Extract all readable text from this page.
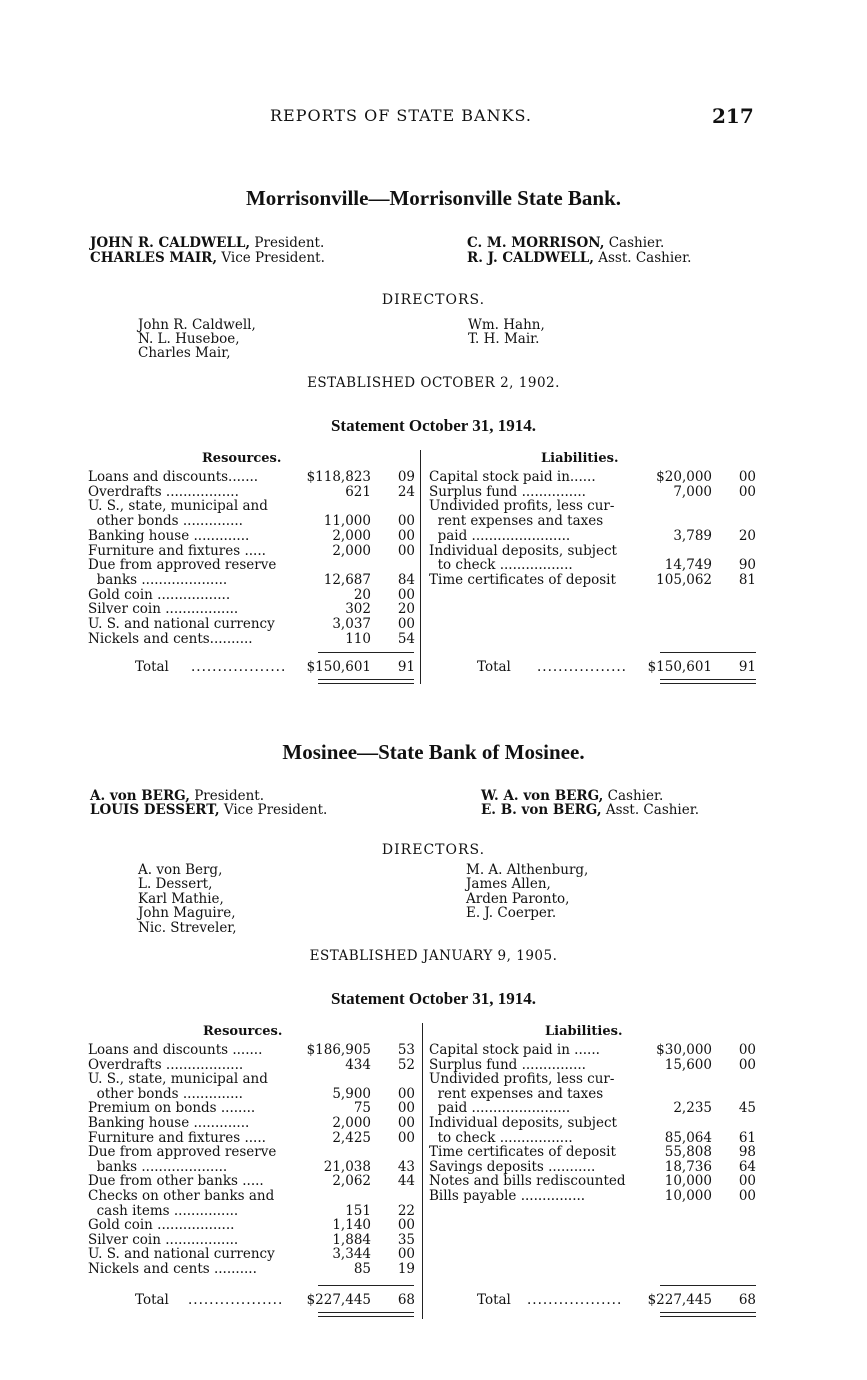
REPORTS OF STATE BANKS.	217
Morrisonville—Morrisonville State Bank.
JOHN R. CALDWELL, President.
CHARLES MAIR, Vice President.
C. M. MORRISON, Cashier.
R. J. CALDWELL, Asst. Cashier.
DIRECTORS.
John R. Caldwell,
N. L. Huseboe,
Charles Mair,
Wm. Hahn,
T. H. Mair.
ESTABLISHED OCTOBER 2, 1902.
Statement October 31, 1914.
Resources.	Liabilities.
Loans and discounts.......	$118,823 09
Overdrafts .................	621 24
U. S., state, municipal and
other bonds ..............	11,000 00
Banking house .............	2,000 00
Furniture and fixtures .....	2,000 00
Due from approved reserve
banks ....................	12,687 84
Gold coin .................	20 00
Silver coin .................	302 20
U. S. and national currency	3,037 00
Nickels and cents..........	110 54
Capital stock paid in......	$20,000 00
Surplus fund ...............	7,000 00
Undivided profits, less cur-
rent expenses and taxes
paid .......................	3,789 20
Individual deposits, subject
to check .................	14,749 90
Time certificates of deposit	105,062 81
Total .................. $150,601 91	Total ................. $150,601 91
Mosinee—State Bank of Mosinee.
A. von BERG, President.
LOUIS DESSERT, Vice President.
W. A. von BERG, Cashier.
E. B. von BERG, Asst. Cashier.
DIRECTORS.
A. von Berg,
L. Dessert,
Karl Mathie,
John Maguire,
Nic. Streveler,
M. A. Althenburg,
James Allen,
Arden Paronto,
E. J. Coerper.
ESTABLISHED JANUARY 9, 1905.
Statement October 31, 1914.
Resources.	Liabilities.
Loans and discounts .......	$186,905 53
Overdrafts ..................	434 52
U. S., state, municipal and
other bonds ..............	5,900 00
Premium on bonds ........	75 00
Banking house .............	2,000 00
Furniture and fixtures .....	2,425 00
Due from approved reserve
banks ....................	21,038 43
Due from other banks .....	2,062 44
Checks on other banks and
cash items ...............	151 22
Gold coin ..................	1,140 00
Silver coin .................	1,884 35
U. S. and national currency	3,344 00
Nickels and cents ..........	85 19
Capital stock paid in ......	$30,000 00
Surplus fund ...............	15,600 00
Undivided profits, less cur-
rent expenses and taxes
paid .......................	2,235 45
Individual deposits, subject
to check .................	85,064 61
Time certificates of deposit	55,808 98
Savings deposits ...........	18,736 64
Notes and bills rediscounted	10,000 00
Bills payable ...............	10,000 00
Total .................. $227,445 68	Total .................. $227,445 68
